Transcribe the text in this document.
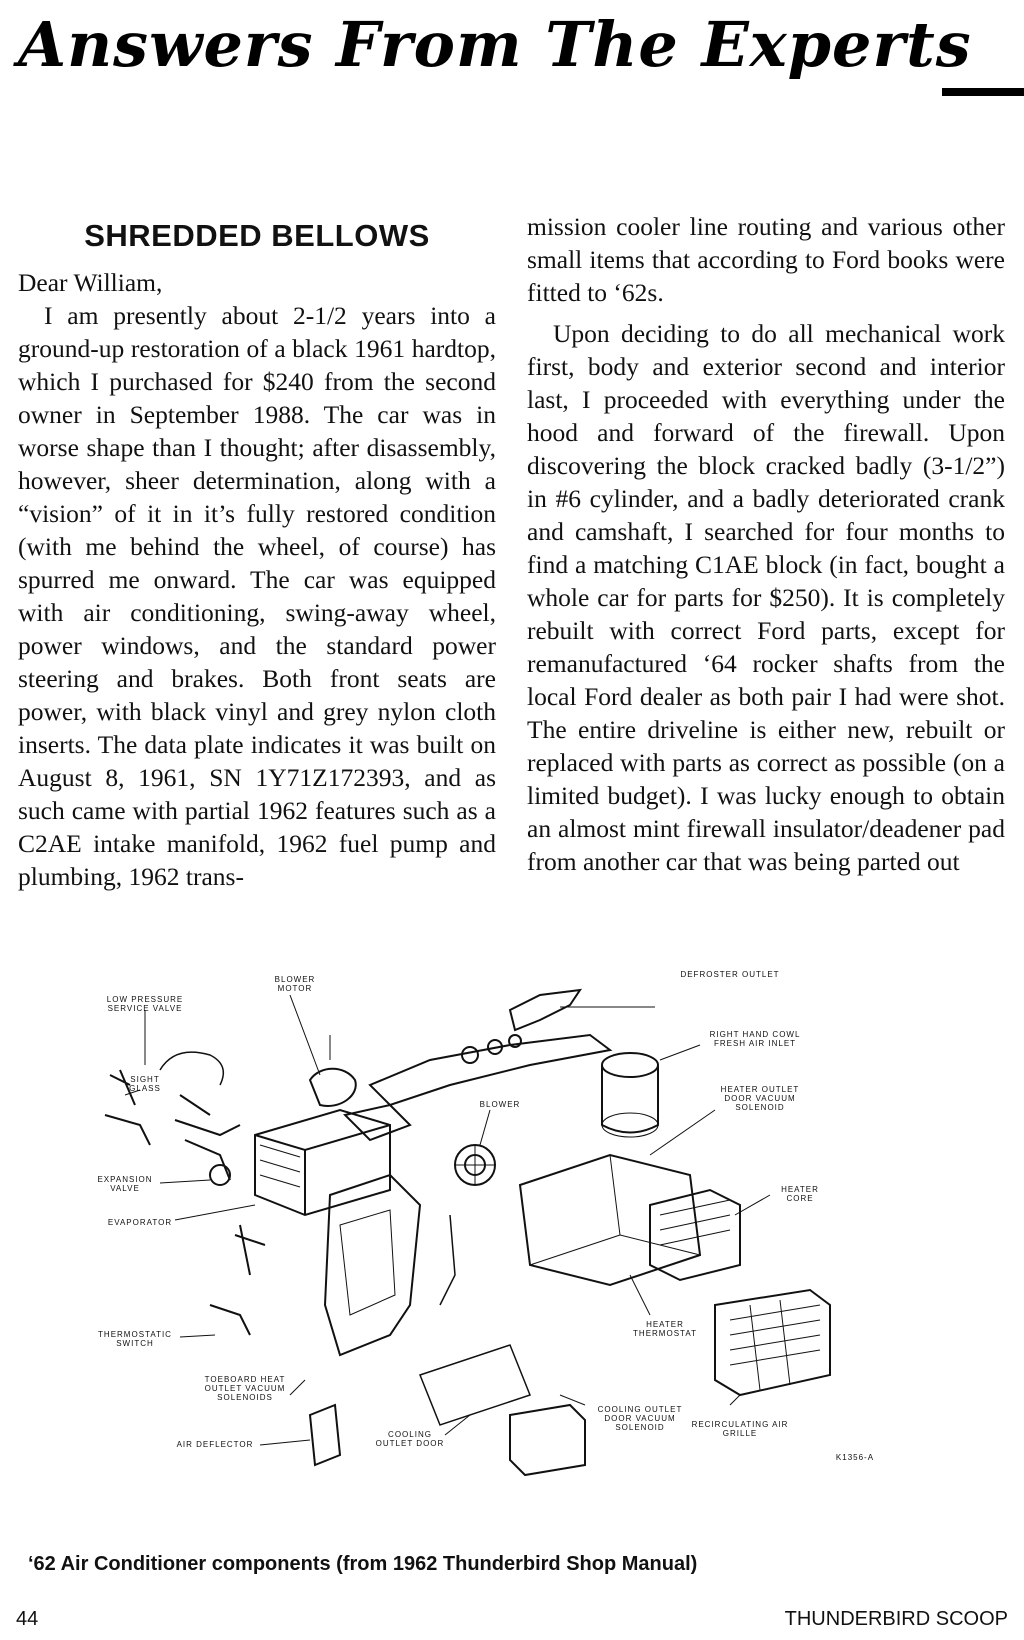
Answers From The Experts
SHREDDED BELLOWS
Dear William,

I am presently about 2-1/2 years into a ground-up restoration of a black 1961 hardtop, which I purchased for $240 from the second owner in September 1988. The car was in worse shape than I thought; after disassembly, however, sheer determination, along with a “vision” of it in it’s fully restored condition (with me behind the wheel, of course) has spurred me onward. The car was equipped with air conditioning, swing-away wheel, power windows, and the standard power steering and brakes. Both front seats are power, with black vinyl and grey nylon cloth inserts. The data plate indicates it was built on August 8, 1961, SN 1Y71Z172393, and as such came with partial 1962 features such as a C2AE intake manifold, 1962 fuel pump and plumbing, 1962 trans-

mission cooler line routing and various other small items that according to Ford books were fitted to ‘62s.

Upon deciding to do all mechanical work first, body and exterior second and interior last, I proceeded with everything under the hood and forward of the firewall. Upon discovering the block cracked badly (3-1/2”) in #6 cylinder, and a badly deteriorated crank and camshaft, I searched for four months to find a matching C1AE block (in fact, bought a whole car for parts for $250). It is completely rebuilt with correct Ford parts, except for remanufactured ‘64 rocker shafts from the local Ford dealer as both pair I had were shot. The entire driveline is either new, rebuilt or replaced with parts as correct as possible (on a limited budget). I was lucky enough to obtain an almost mint firewall insulator/deadener pad from another car that was being parted out

DEFROSTER OUTLET
LOW PRESSURE SERVICE VALVE
BLOWER MOTOR
RIGHT HAND COWL FRESH AIR INLET
SIGHT GLASS
BLOWER
HEATER OUTLET DOOR VACUUM SOLENOID
EXPANSION VALVE	HEATER CORE
EVAPORATOR
THERMOSTATIC SWITCH
HEATER THERMOSTAT
TOEBOARD HEAT OUTLET VACUUM SOLENOIDS
COOLING OUTLET DOOR VACUUM SOLENOID
COOLING OUTLET DOOR
AIR DEFLECTOR
RECIRCULATING AIR GRILLE
K1356-A
‘62 Air Conditioner components (from 1962 Thunderbird Shop Manual)
44	THUNDERBIRD SCOOP
